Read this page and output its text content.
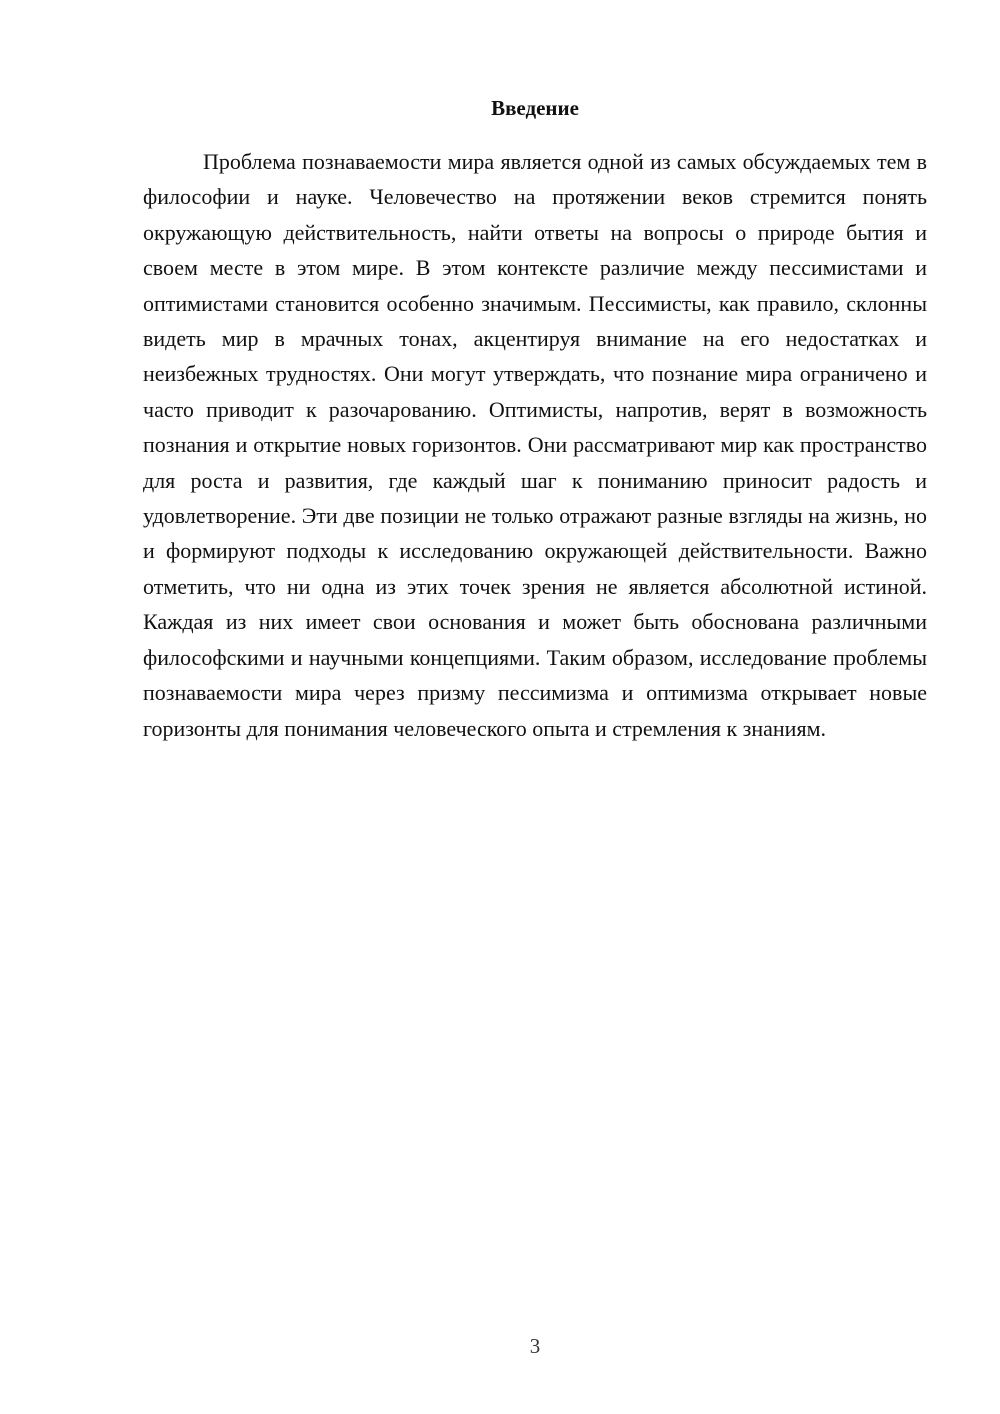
Введение

Проблема познаваемости мира является одной из самых обсуждаемых тем в философии и науке. Человечество на протяжении веков стремится понять окружающую действительность, найти ответы на вопросы о природе бытия и своем месте в этом мире. В этом контексте различие между пессимистами и оптимистами становится особенно значимым. Пессимисты, как правило, склонны видеть мир в мрачных тонах, акцентируя внимание на его недостатках и неизбежных трудностях. Они могут утверждать, что познание мира ограничено и часто приводит к разочарованию. Оптимисты, напротив, верят в возможность познания и открытие новых горизонтов. Они рассматривают мир как пространство для роста и развития, где каждый шаг к пониманию приносит радость и удовлетворение. Эти две позиции не только отражают разные взгляды на жизнь, но и формируют подходы к исследованию окружающей действительности. Важно отметить, что ни одна из этих точек зрения не является абсолютной истиной. Каждая из них имеет свои основания и может быть обоснована различными философскими и научными концепциями. Таким образом, исследование проблемы познаваемости мира через призму пессимизма и оптимизма открывает новые горизонты для понимания человеческого опыта и стремления к знаниям.

3
